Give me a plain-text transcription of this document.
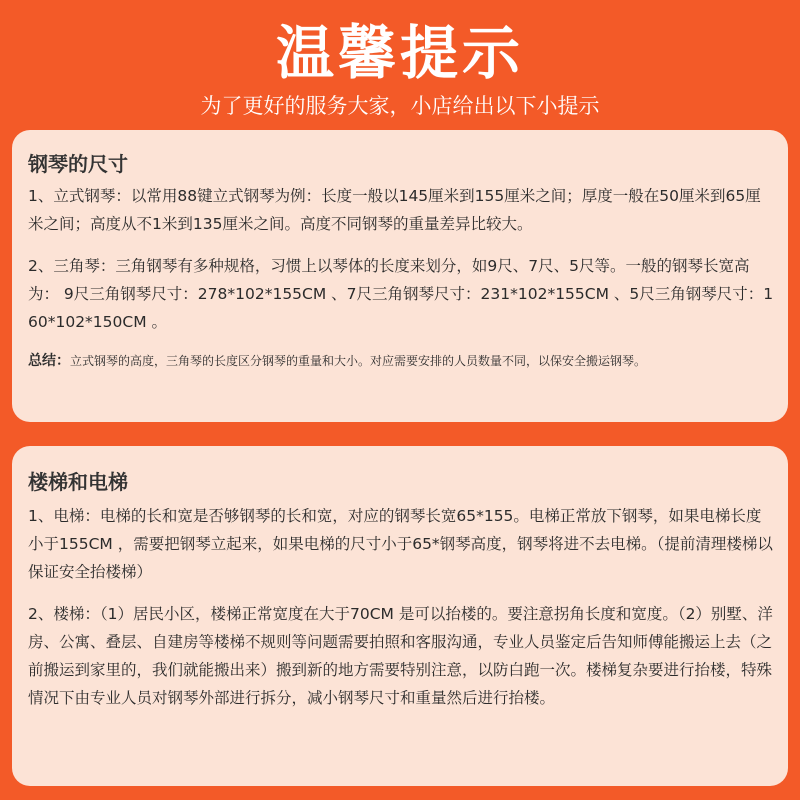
温馨提示
为了更好的服务大家，小店给出以下小提示
钢琴的尺寸

1、立式钢琴：以常用88键立式钢琴为例：长度一般以145厘米到155厘米之间；厚度一般在50厘米到65厘米之间；高度从不1米到135厘米之间。高度不同钢琴的重量差异比较大。

2、三角琴：三角钢琴有多种规格，习惯上以琴体的长度来划分，如9尺、7尺、5尺等。一般的钢琴长宽高为： 9尺三角钢琴尺寸：278*102*155CM 、7尺三角钢琴尺寸：231*102*155CM 、5尺三角钢琴尺寸：160*102*150CM 。

总结：立式钢琴的高度，三角琴的长度区分钢琴的重量和大小。对应需要安排的人员数量不同，以保安全搬运钢琴。
楼梯和电梯

1、电梯：电梯的长和宽是否够钢琴的长和宽，对应的钢琴长宽65*155。电梯正常放下钢琴，如果电梯长度小于155CM ，需要把钢琴立起来，如果电梯的尺寸小于65*钢琴高度，钢琴将进不去电梯。（提前清理楼梯以保证安全抬楼梯）

2、楼梯：（1）居民小区，楼梯正常宽度在大于70CM 是可以抬楼的。要注意拐角长度和宽度。（2）别墅、洋房、公寓、叠层、自建房等楼梯不规则等问题需要拍照和客服沟通，专业人员鉴定后告知师傅能搬运上去（之前搬运到家里的，我们就能搬出来）搬到新的地方需要特别注意，以防白跑一次。楼梯复杂要进行抬楼，特殊情况下由专业人员对钢琴外部进行拆分，减小钢琴尺寸和重量然后进行抬楼。
